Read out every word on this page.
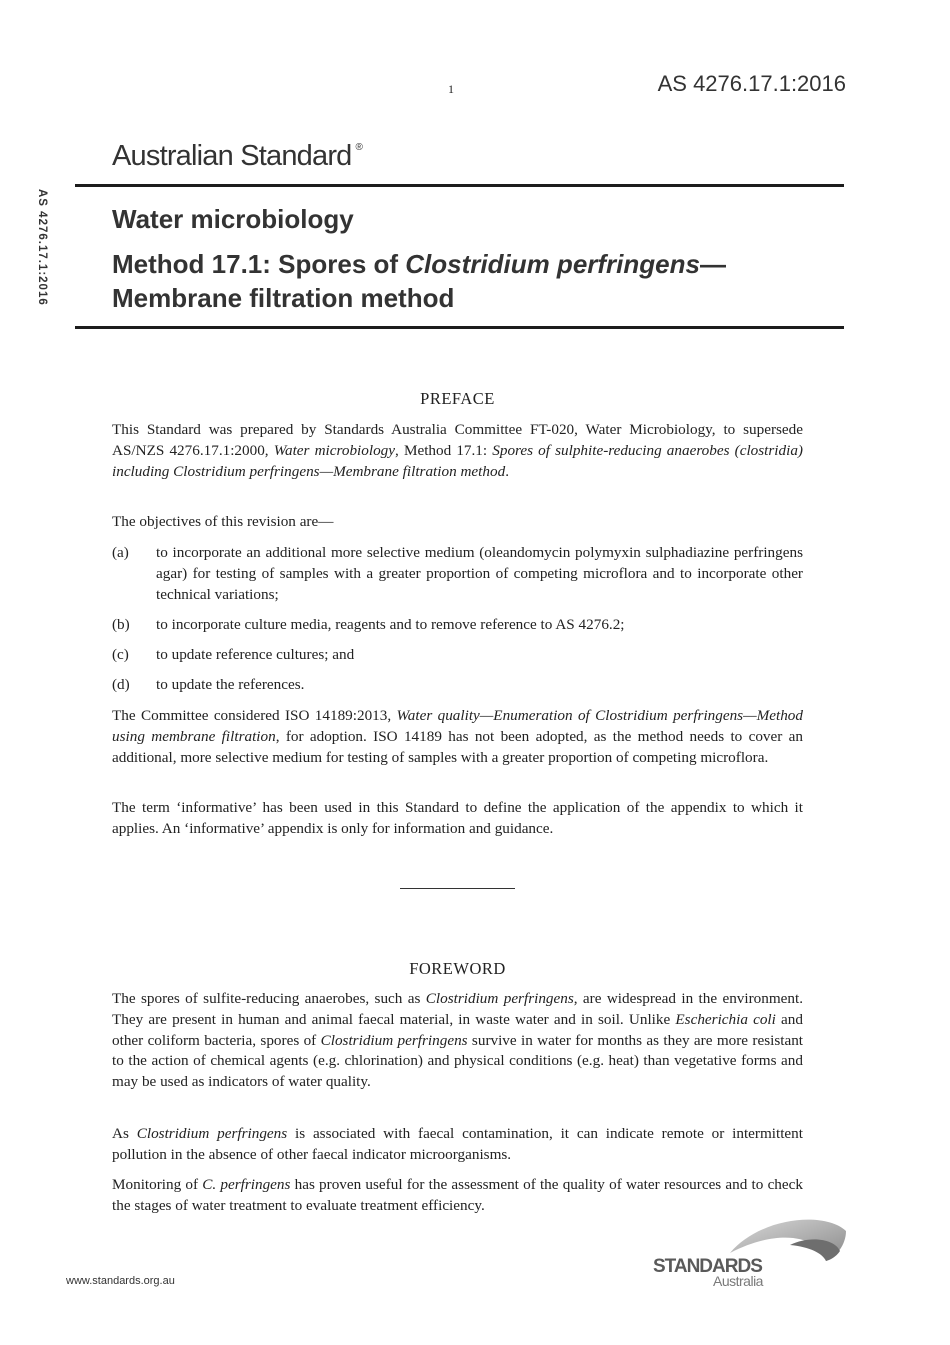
1	AS 4276.17.1:2016
Australian Standard ®
AS 4276.17.1:2016 Water microbiology
Method 17.1: Spores of Clostridium perfringens—Membrane filtration method
PREFACE
This Standard was prepared by Standards Australia Committee FT-020, Water Microbiology, to supersede AS/NZS 4276.17.1:2000, Water microbiology, Method 17.1: Spores of sulphite-reducing anaerobes (clostridia) including Clostridium perfringens—Membrane filtration method.
The objectives of this revision are—
(a) to incorporate an additional more selective medium (oleandomycin polymyxin sulphadiazine perfringens agar) for testing of samples with a greater proportion of competing microflora and to incorporate other technical variations;
(b) to incorporate culture media, reagents and to remove reference to AS 4276.2;
(c) to update reference cultures; and
(d) to update the references.
The Committee considered ISO 14189:2013, Water quality—Enumeration of Clostridium perfringens—Method using membrane filtration, for adoption. ISO 14189 has not been adopted, as the method needs to cover an additional, more selective medium for testing of samples with a greater proportion of competing microflora.
The term ‘informative’ has been used in this Standard to define the application of the appendix to which it applies. An ‘informative’ appendix is only for information and guidance.
FOREWORD
The spores of sulfite-reducing anaerobes, such as Clostridium perfringens, are widespread in the environment. They are present in human and animal faecal material, in waste water and in soil. Unlike Escherichia coli and other coliform bacteria, spores of Clostridium perfringens survive in water for months as they are more resistant to the action of chemical agents (e.g. chlorination) and physical conditions (e.g. heat) than vegetative forms and may be used as indicators of water quality.
As Clostridium perfringens is associated with faecal contamination, it can indicate remote or intermittent pollution in the absence of other faecal indicator microorganisms.
Monitoring of C. perfringens has proven useful for the assessment of the quality of water resources and to check the stages of water treatment to evaluate treatment efficiency.
www.standards.org.au
STANDARDS
Australia
